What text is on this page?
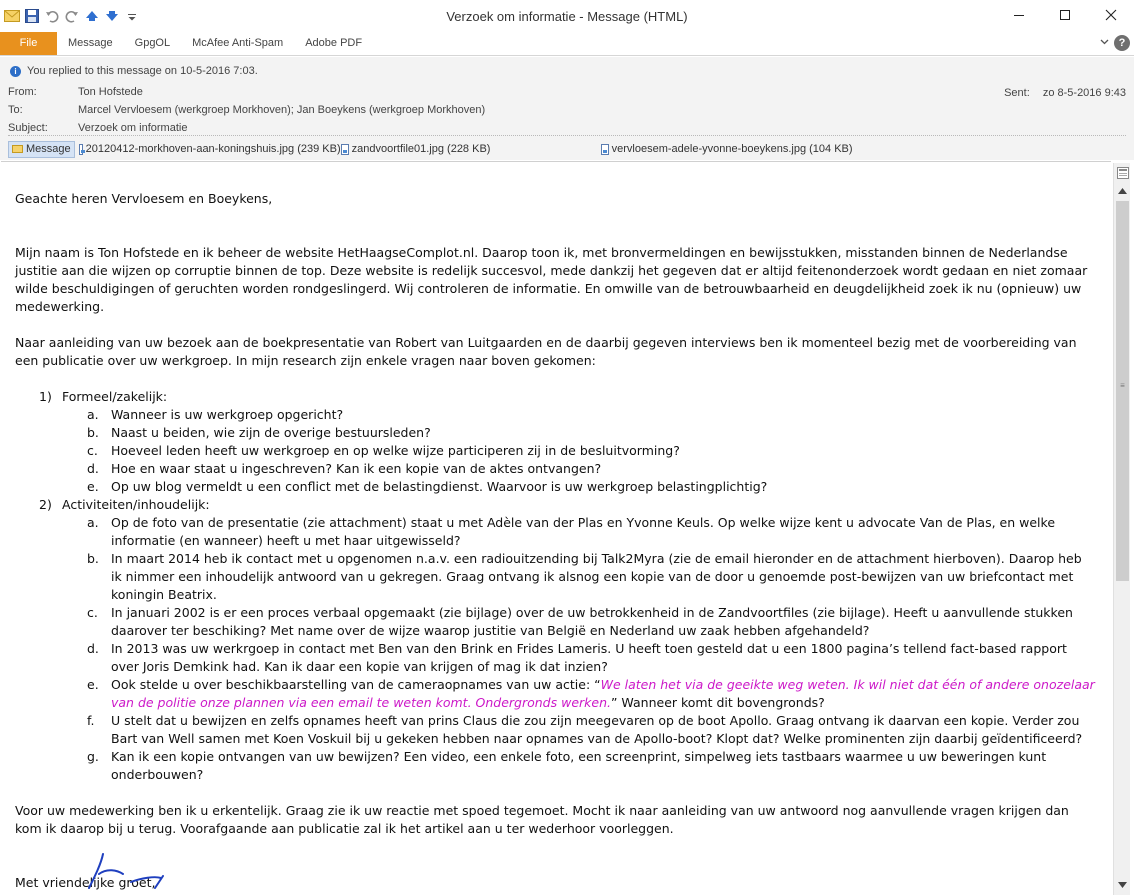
Verzoek om informatie - Message (HTML)
File	Message	GpgOL	McAfee Anti-Spam	Adobe PDF	?
i You replied to this message on 10-5-2016 7:03.
From:	Ton Hofstede
To:	Marcel Vervloesem (werkgroep Morkhoven); Jan Boeykens (werkgroep Morkhoven)
Subject:	Verzoek om informatie
Sent: zo 8-5-2016 9:43
Message 20120412-morkhoven-aan-koningshuis.jpg (239 KB) zandvoortfile01.jpg (228 KB)	vervloesem-adele-yvonne-boeykens.jpg (104 KB)

Geachte heren Vervloesem en Boeykens,

Mijn naam is Ton Hofstede en ik beheer de website HetHaagseComplot.nl. Daarop toon ik, met bronvermeldingen en bewijsstukken, misstanden binnen de Nederlandse justitie aan die wijzen op corruptie binnen de top. Deze website is redelijk succesvol, mede dankzij het gegeven dat er altijd feitenonderzoek wordt gedaan en niet zomaar wilde beschuldigingen of geruchten worden rondgeslingerd. Wij controleren de informatie. En omwille van de betrouwbaarheid en deugdelijkheid zoek ik nu (opnieuw) uw medewerking.

Naar aanleiding van uw bezoek aan de boekpresentatie van Robert van Luitgaarden en de daarbij gegeven interviews ben ik momenteel bezig met de voorbereiding van een publicatie over uw werkgroep. In mijn research zijn enkele vragen naar boven gekomen:

1) Formeel/zakelijk:
a. Wanneer is uw werkgroep opgericht?
b. Naast u beiden, wie zijn de overige bestuursleden?
c. Hoeveel leden heeft uw werkgroep en op welke wijze participeren zij in de besluitvorming?
d. Hoe en waar staat u ingeschreven? Kan ik een kopie van de aktes ontvangen?
e. Op uw blog vermeldt u een conflict met de belastingdienst. Waarvoor is uw werkgroep belastingplichtig?
2) Activiteiten/inhoudelijk:
a. Op de foto van de presentatie (zie attachment) staat u met Adèle van der Plas en Yvonne Keuls. Op welke wijze kent u advocate Van de Plas, en welke informatie (en wanneer) heeft u met haar uitgewisseld?
b. In maart 2014 heb ik contact met u opgenomen n.a.v. een radiouitzending bij Talk2Myra (zie de email hieronder en de attachment hierboven). Daarop heb ik nimmer een inhoudelijk antwoord van u gekregen. Graag ontvang ik alsnog een kopie van de door u genoemde post-bewijzen van uw briefcontact met koningin Beatrix.
c. In januari 2002 is er een proces verbaal opgemaakt (zie bijlage) over de uw betrokkenheid in de Zandvoortfiles (zie bijlage). Heeft u aanvullende stukken daarover ter beschiking? Met name over de wijze waarop justitie van België en Nederland uw zaak hebben afgehandeld?
d. In 2013 was uw werkrgoep in contact met Ben van den Brink en Frides Lameris. U heeft toen gesteld dat u een 1800 pagina’s tellend fact-based rapport over Joris Demkink had. Kan ik daar een kopie van krijgen of mag ik dat inzien?
e. Ook stelde u over beschikbaarstelling van de cameraopnames van uw actie: “We laten het via de geeikte weg weten. Ik wil niet dat één of andere onozelaar van de politie onze plannen via een email te weten komt. Ondergronds werken.” Wanneer komt dit bovengronds?
f. U stelt dat u bewijzen en zelfs opnames heeft van prins Claus die zou zijn meegevaren op de boot Apollo. Graag ontvang ik daarvan een kopie. Verder zou Bart van Well samen met Koen Voskuil bij u gekeken hebben naar opnames van de Apollo-boot? Klopt dat? Welke prominenten zijn daarbij geïdentificeerd?
g. Kan ik een kopie ontvangen van uw bewijzen? Een video, een enkele foto, een screenprint, simpelweg iets tastbaars waarmee u uw beweringen kunt onderbouwen?

Voor uw medewerking ben ik u erkentelijk. Graag zie ik uw reactie met spoed tegemoet. Mocht ik naar aanleiding van uw antwoord nog aanvullende vragen krijgen dan kom ik daarop bij u terug. Voorafgaande aan publicatie zal ik het artikel aan u ter wederhoor voorleggen.

Met vriendelijke groet,

≡
